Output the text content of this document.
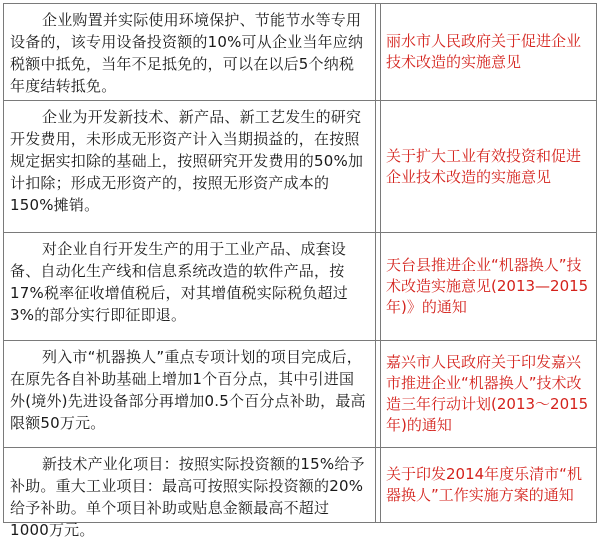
企业购置并实际使用环境保护、节能节水等专用设备的，该专用设备投资额的10%可从企业当年应纳税额中抵免，当年不足抵免的，可以在以后5个纳税年度结转抵免。
丽水市人民政府关于促进企业技术改造的实施意见
企业为开发新技术、新产品、新工艺发生的研究开发费用，未形成无形资产计入当期损益的，在按照规定据实扣除的基础上，按照研究开发费用的50%加计扣除；形成无形资产的，按照无形资产成本的150%摊销。
关于扩大工业有效投资和促进企业技术改造的实施意见
对企业自行开发生产的用于工业产品、成套设备、自动化生产线和信息系统改造的软件产品，按17%税率征收增值税后，对其增值税实际税负超过3%的部分实行即征即退。
天台县推进企业“机器换人”技术改造实施意见(2013—2015年)》的通知
列入市“机器换人”重点专项计划的项目完成后，在原先各自补助基础上增加1个百分点，其中引进国外(境外)先进设备部分再增加0.5个百分点补助，最高限额50万元。
嘉兴市人民政府关于印发嘉兴市推进企业“机器换人”技术改造三年行动计划(2013～2015年)的通知
新技术产业化项目：按照实际投资额的15%给予补助。重大工业项目：最高可按照实际投资额的20%给予补助。单个项目补助或贴息金额最高不超过1000万元。
关于印发2014年度乐清市“机器换人”工作实施方案的通知
